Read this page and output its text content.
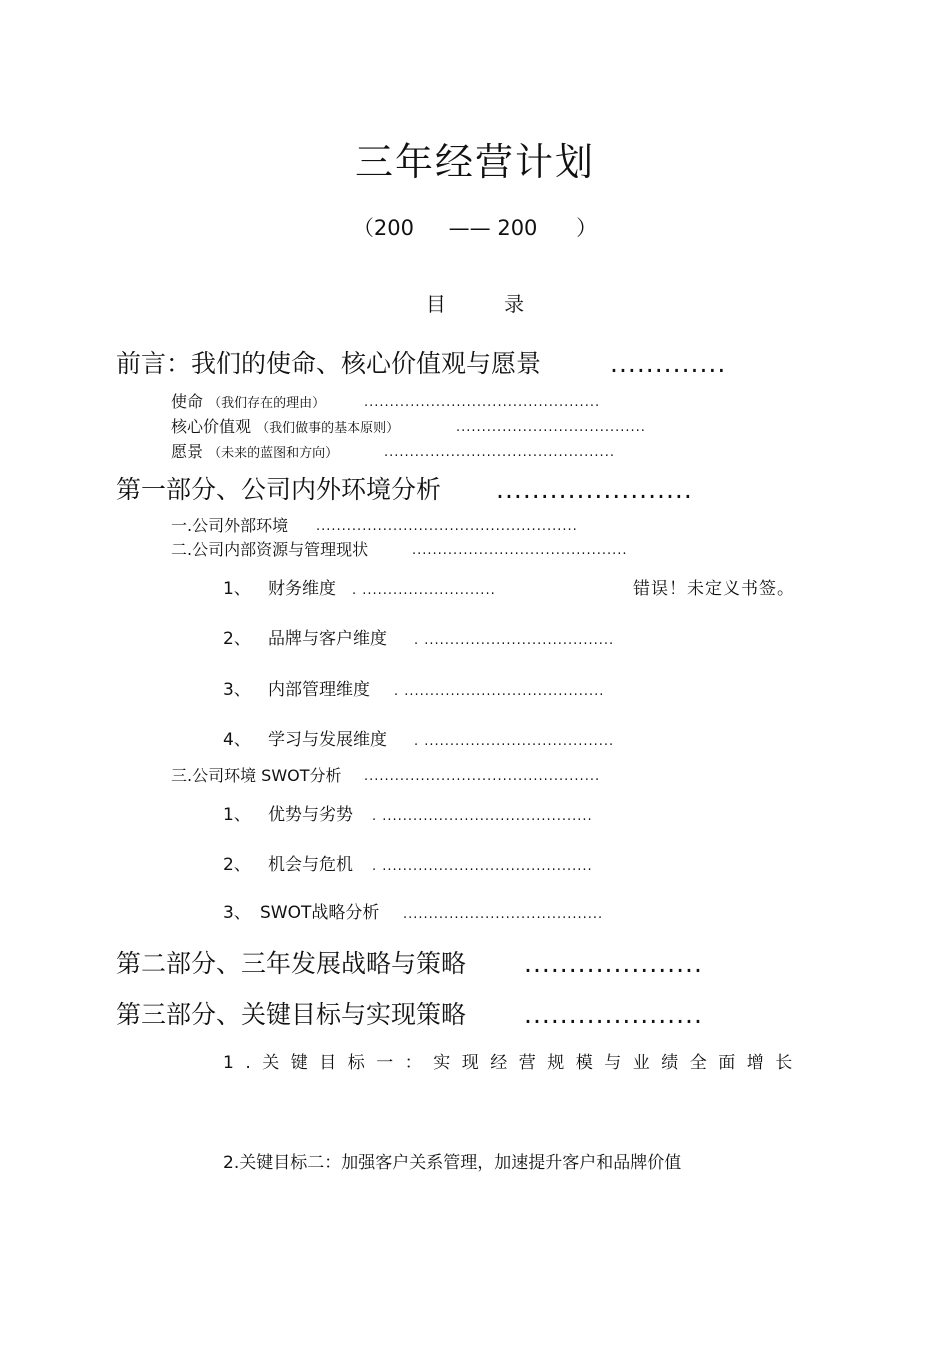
三年经营计划
（200 —— 200 ）
目	录
前言：我们的使命、核心价值观与愿景	.............
使命 （我们存在的理由）	..............................................
核心价值观 （我们做事的基本原则）	.....................................
愿景 （未来的蓝图和方向）	.............................................
第一部分、公司内外环境分析 ......................
一.公司外部环境 ...................................................
二.公司内部资源与管理现状	..........................................
1、 财务维度 . ..........................	错误！未定义书签。
2、 品牌与客户维度 . .....................................
3、 内部管理维度 . .......................................
4、 学习与发展维度 . .....................................
三.公司环境 SWOT分析 ..............................................
1、 优势与劣势 . .........................................
2、 机会与危机 . .........................................
3、 SWOT战略分析 .......................................
第二部分、三年发展战略与策略 ....................
第三部分、关键目标与实现策略 ....................
1.关键目标一：实现经营规模与业绩全面增长
2.关键目标二：加强客户关系管理，加速提升客户和品牌价值
